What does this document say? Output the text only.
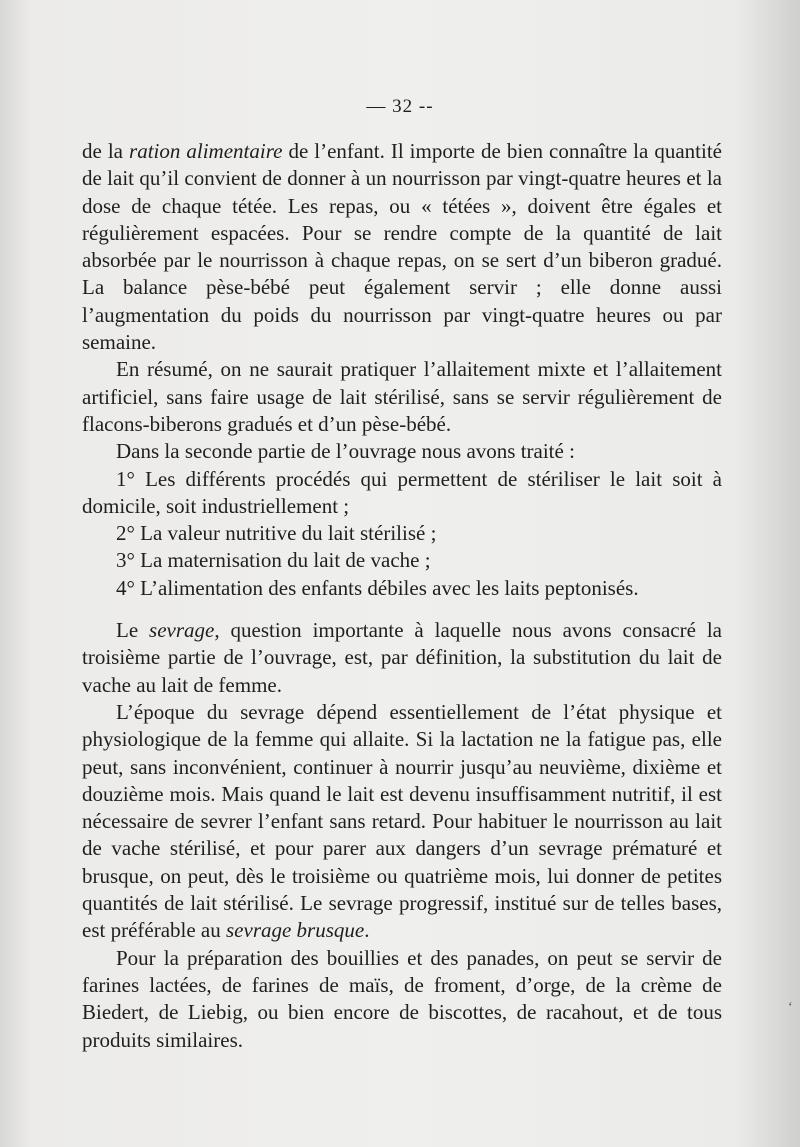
— 32 --

de la ration alimentaire de l’enfant. Il importe de bien connaître la quantité de lait qu’il convient de donner à un nourrisson par vingt-quatre heures et la dose de chaque tétée. Les repas, ou « tétées », doivent être égales et régulièrement espacées. Pour se rendre compte de la quantité de lait absorbée par le nourrisson à chaque repas, on se sert d’un biberon gradué. La balance pèse-bébé peut également servir ; elle donne aussi l’augmentation du poids du nourrisson par vingt-quatre heures ou par semaine.

En résumé, on ne saurait pratiquer l’allaitement mixte et l’allaitement artificiel, sans faire usage de lait stérilisé, sans se servir régulièrement de flacons-biberons gradués et d’un pèse-bébé.

Dans la seconde partie de l’ouvrage nous avons traité :

1° Les différents procédés qui permettent de stériliser le lait soit à domicile, soit industriellement ;

2° La valeur nutritive du lait stérilisé ;

3° La maternisation du lait de vache ;

4° L’alimentation des enfants débiles avec les laits peptonisés.

Le sevrage, question importante à laquelle nous avons consacré la troisième partie de l’ouvrage, est, par définition, la substitution du lait de vache au lait de femme.

L’époque du sevrage dépend essentiellement de l’état physique et physiologique de la femme qui allaite. Si la lactation ne la fatigue pas, elle peut, sans inconvénient, continuer à nourrir jusqu’au neuvième, dixième et douzième mois. Mais quand le lait est devenu insuffisamment nutritif, il est nécessaire de sevrer l’enfant sans retard. Pour habituer le nourrisson au lait de vache stérilisé, et pour parer aux dangers d’un sevrage prématuré et brusque, on peut, dès le troisième ou quatrième mois, lui donner de petites quantités de lait stérilisé. Le sevrage progressif, institué sur de telles bases, est préférable au sevrage brusque.

Pour la préparation des bouillies et des panades, on peut se servir de farines lactées, de farines de maïs, de froment, d’orge, de la crème de Biedert, de Liebig, ou bien encore de biscottes, de racahout, et de tous produits similaires.

‘
